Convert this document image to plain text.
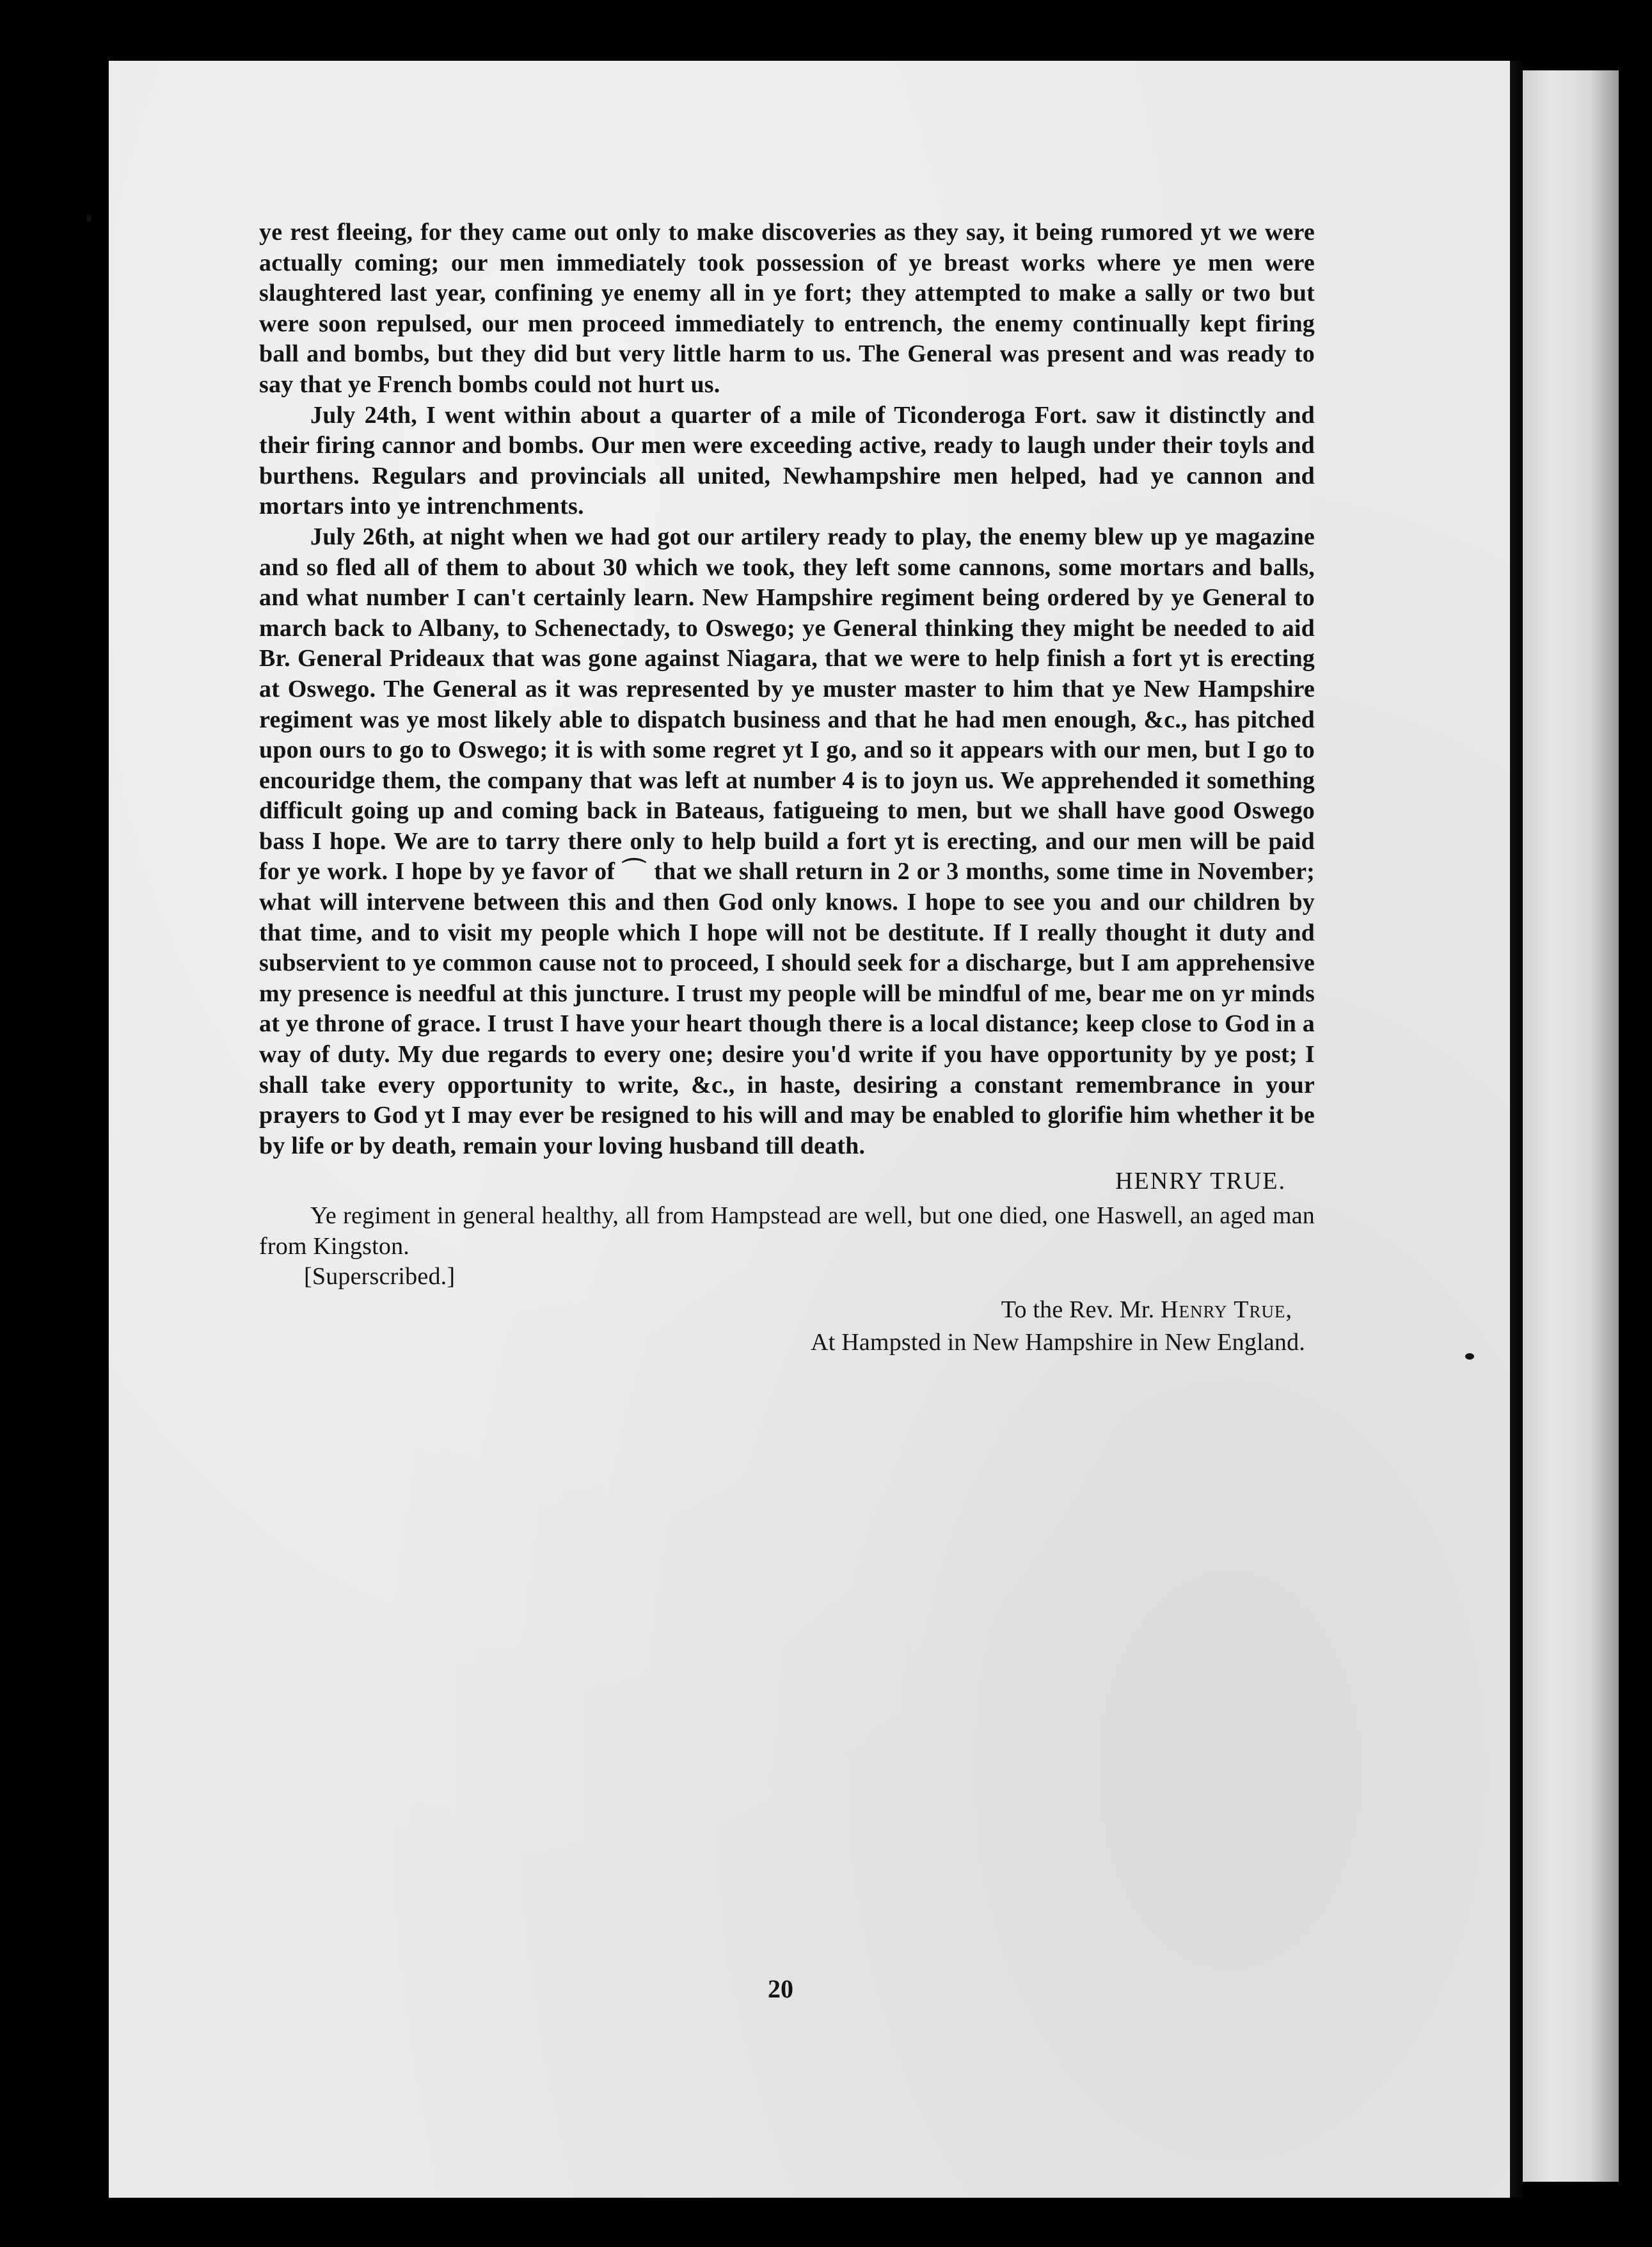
ye rest fleeing, for they came out only to make discoveries as they say, it being rumored yt we were actually coming; our men immediately took possession of ye breast works where ye men were slaughtered last year, confining ye enemy all in ye fort; they attempted to make a sally or two but were soon repulsed, our men proceed immediately to entrench, the enemy continually kept firing ball and bombs, but they did but very little harm to us. The General was present and was ready to say that ye French bombs could not hurt us.

July 24th, I went within about a quarter of a mile of Ticonderoga Fort. saw it distinctly and their firing cannor and bombs. Our men were exceeding active, ready to laugh under their toyls and burthens. Regulars and provincials all united, Newhampshire men helped, had ye cannon and mortars into ye intrenchments.

July 26th, at night when we had got our artilery ready to play, the enemy blew up ye magazine and so fled all of them to about 30 which we took, they left some cannons, some mortars and balls, and what number I can't certainly learn. New Hampshire regiment being ordered by ye General to march back to Albany, to Schenectady, to Oswego; ye General thinking they might be needed to aid Br. General Prideaux that was gone against Niagara, that we were to help finish a fort yt is erecting at Oswego. The General as it was represented by ye muster master to him that ye New Hampshire regiment was ye most likely able to dispatch business and that he had men enough, &c., has pitched upon ours to go to Oswego; it is with some regret yt I go, and so it appears with our men, but I go to encouridge them, the company that was left at number 4 is to joyn us. We apprehended it something difficult going up and coming back in Bateaus, fatigueing to men, but we shall have good Oswego bass I hope. We are to tarry there only to help build a fort yt is erecting, and our men will be paid for ye work. I hope by ye favor of ⌒ that we shall return in 2 or 3 months, some time in November; what will intervene between this and then God only knows. I hope to see you and our children by that time, and to visit my people which I hope will not be destitute. If I really thought it duty and subservient to ye common cause not to proceed, I should seek for a discharge, but I am apprehensive my presence is needful at this juncture. I trust my people will be mindful of me, bear me on yr minds at ye throne of grace. I trust I have your heart though there is a local distance; keep close to God in a way of duty. My due regards to every one; desire you'd write if you have opportunity by ye post; I shall take every opportunity to write, &c., in haste, desiring a constant remembrance in your prayers to God yt I may ever be resigned to his will and may be enabled to glorifie him whether it be by life or by death, remain your loving husband till death.

HENRY TRUE.

Ye regiment in general healthy, all from Hampstead are well, but one died, one Haswell, an aged man from Kingston.

[Superscribed.]

To the Rev. Mr. Henry True,

At Hampsted in New Hampshire in New England.

20
